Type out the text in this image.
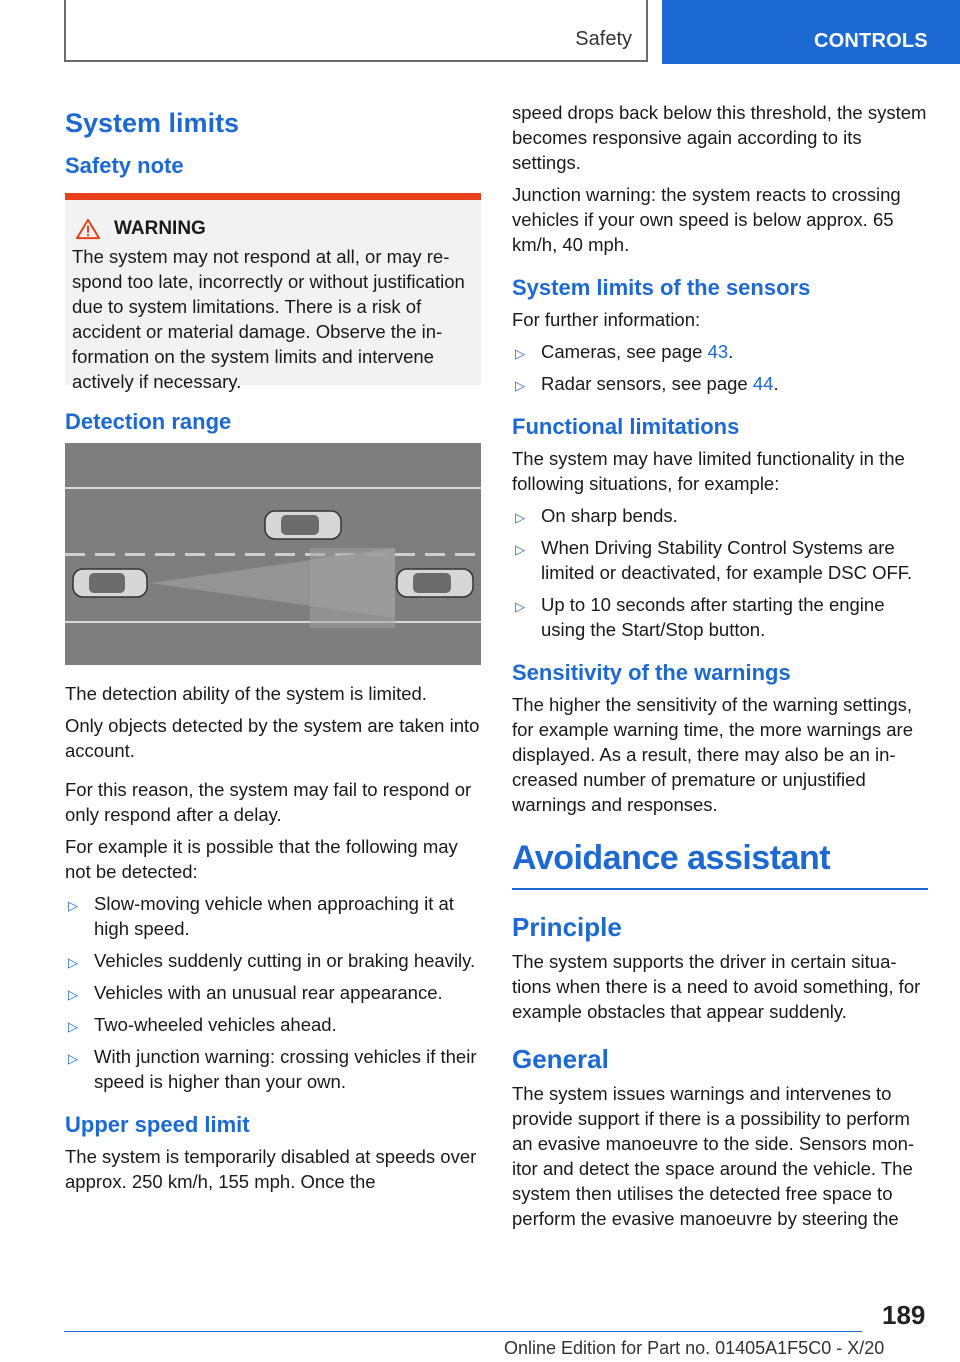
Safety	CONTROLS
System limits
Safety note
WARNING

The system may not respond at all, or may respond too late, incorrectly or without justification due to system limitations. There is a risk of accident or material damage. Observe the information on the system limits and intervene actively if necessary.

Detection range

The detection ability of the system is limited.

Only objects detected by the system are taken into account.

For this reason, the system may fail to respond or only respond after a delay.

For example it is possible that the following may not be detected:

▷ Slow-moving vehicle when approaching it at high speed.
▷ Vehicles suddenly cutting in or braking heavily.
▷ Vehicles with an unusual rear appearance.
▷ Two-wheeled vehicles ahead.
▷ With junction warning: crossing vehicles if their speed is higher than your own.
Upper speed limit

The system is temporarily disabled at speeds over approx. 250 km/h, 155 mph. Once the

speed drops back below this threshold, the system becomes responsive again according to its settings.

Junction warning: the system reacts to crossing vehicles if your own speed is below approx. 65 km/h, 40 mph.

System limits of the sensors

For further information:

▷ Cameras, see page 43.
▷ Radar sensors, see page 44.
Functional limitations

The system may have limited functionality in the following situations, for example:

▷ On sharp bends.
▷ When Driving Stability Control Systems are limited or deactivated, for example DSC OFF.
▷ Up to 10 seconds after starting the engine using the Start/Stop button.
Sensitivity of the warnings

The higher the sensitivity of the warning settings, for example warning time, the more warnings are displayed. As a result, there may also be an increased number of premature or unjustified warnings and responses.

Avoidance assistant
Principle

The system supports the driver in certain situations when there is a need to avoid something, for example obstacles that appear suddenly.

General

The system issues warnings and intervenes to provide support if there is a possibility to perform an evasive manoeuvre to the side. Sensors monitor and detect the space around the vehicle. The system then utilises the detected free space to perform the evasive manoeuvre by steering the

189
Online Edition for Part no. 01405A1F5C0 - X/20
